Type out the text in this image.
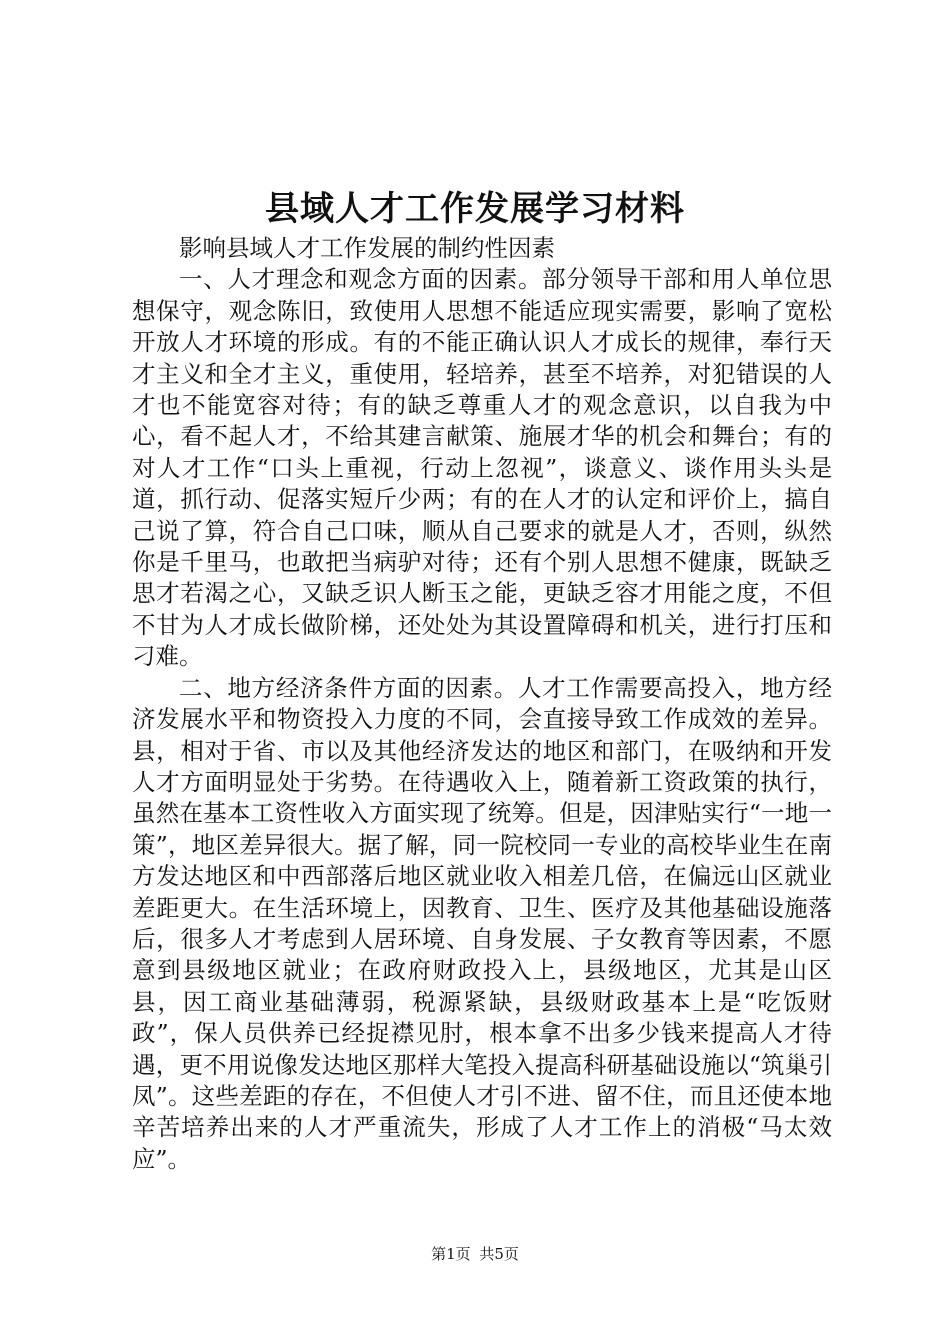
县域人才工作发展学习材料

影响县域人才工作发展的制约性因素

一、人才理念和观念方面的因素。部分领导干部和用人单位思想保守，观念陈旧，致使用人思想不能适应现实需要，影响了宽松开放人才环境的形成。有的不能正确认识人才成长的规律，奉行天才主义和全才主义，重使用，轻培养，甚至不培养，对犯错误的人才也不能宽容对待；有的缺乏尊重人才的观念意识，以自我为中心，看不起人才，不给其建言献策、施展才华的机会和舞台；有的对人才工作“口头上重视，行动上忽视”，谈意义、谈作用头头是道，抓行动、促落实短斤少两；有的在人才的认定和评价上，搞自己说了算，符合自己口味，顺从自己要求的就是人才，否则，纵然你是千里马，也敢把当病驴对待；还有个别人思想不健康，既缺乏思才若渴之心，又缺乏识人断玉之能，更缺乏容才用能之度，不但不甘为人才成长做阶梯，还处处为其设置障碍和机关，进行打压和刁难。

二、地方经济条件方面的因素。人才工作需要高投入，地方经济发展水平和物资投入力度的不同，会直接导致工作成效的差异。县，相对于省、市以及其他经济发达的地区和部门，在吸纳和开发人才方面明显处于劣势。在待遇收入上，随着新工资政策的执行，虽然在基本工资性收入方面实现了统筹。但是，因津贴实行“一地一策”，地区差异很大。据了解，同一院校同一专业的高校毕业生在南方发达地区和中西部落后地区就业收入相差几倍，在偏远山区就业差距更大。在生活环境上，因教育、卫生、医疗及其他基础设施落后，很多人才考虑到人居环境、自身发展、子女教育等因素，不愿意到县级地区就业；在政府财政投入上，县级地区，尤其是山区县，因工商业基础薄弱，税源紧缺，县级财政基本上是“吃饭财政”，保人员供养已经捉襟见肘，根本拿不出多少钱来提高人才待遇，更不用说像发达地区那样大笔投入提高科研基础设施以“筑巢引凤”。这些差距的存在，不但使人才引不进、留不住，而且还使本地辛苦培养出来的人才严重流失，形成了人才工作上的消极“马太效应”。

第1页 共5页
